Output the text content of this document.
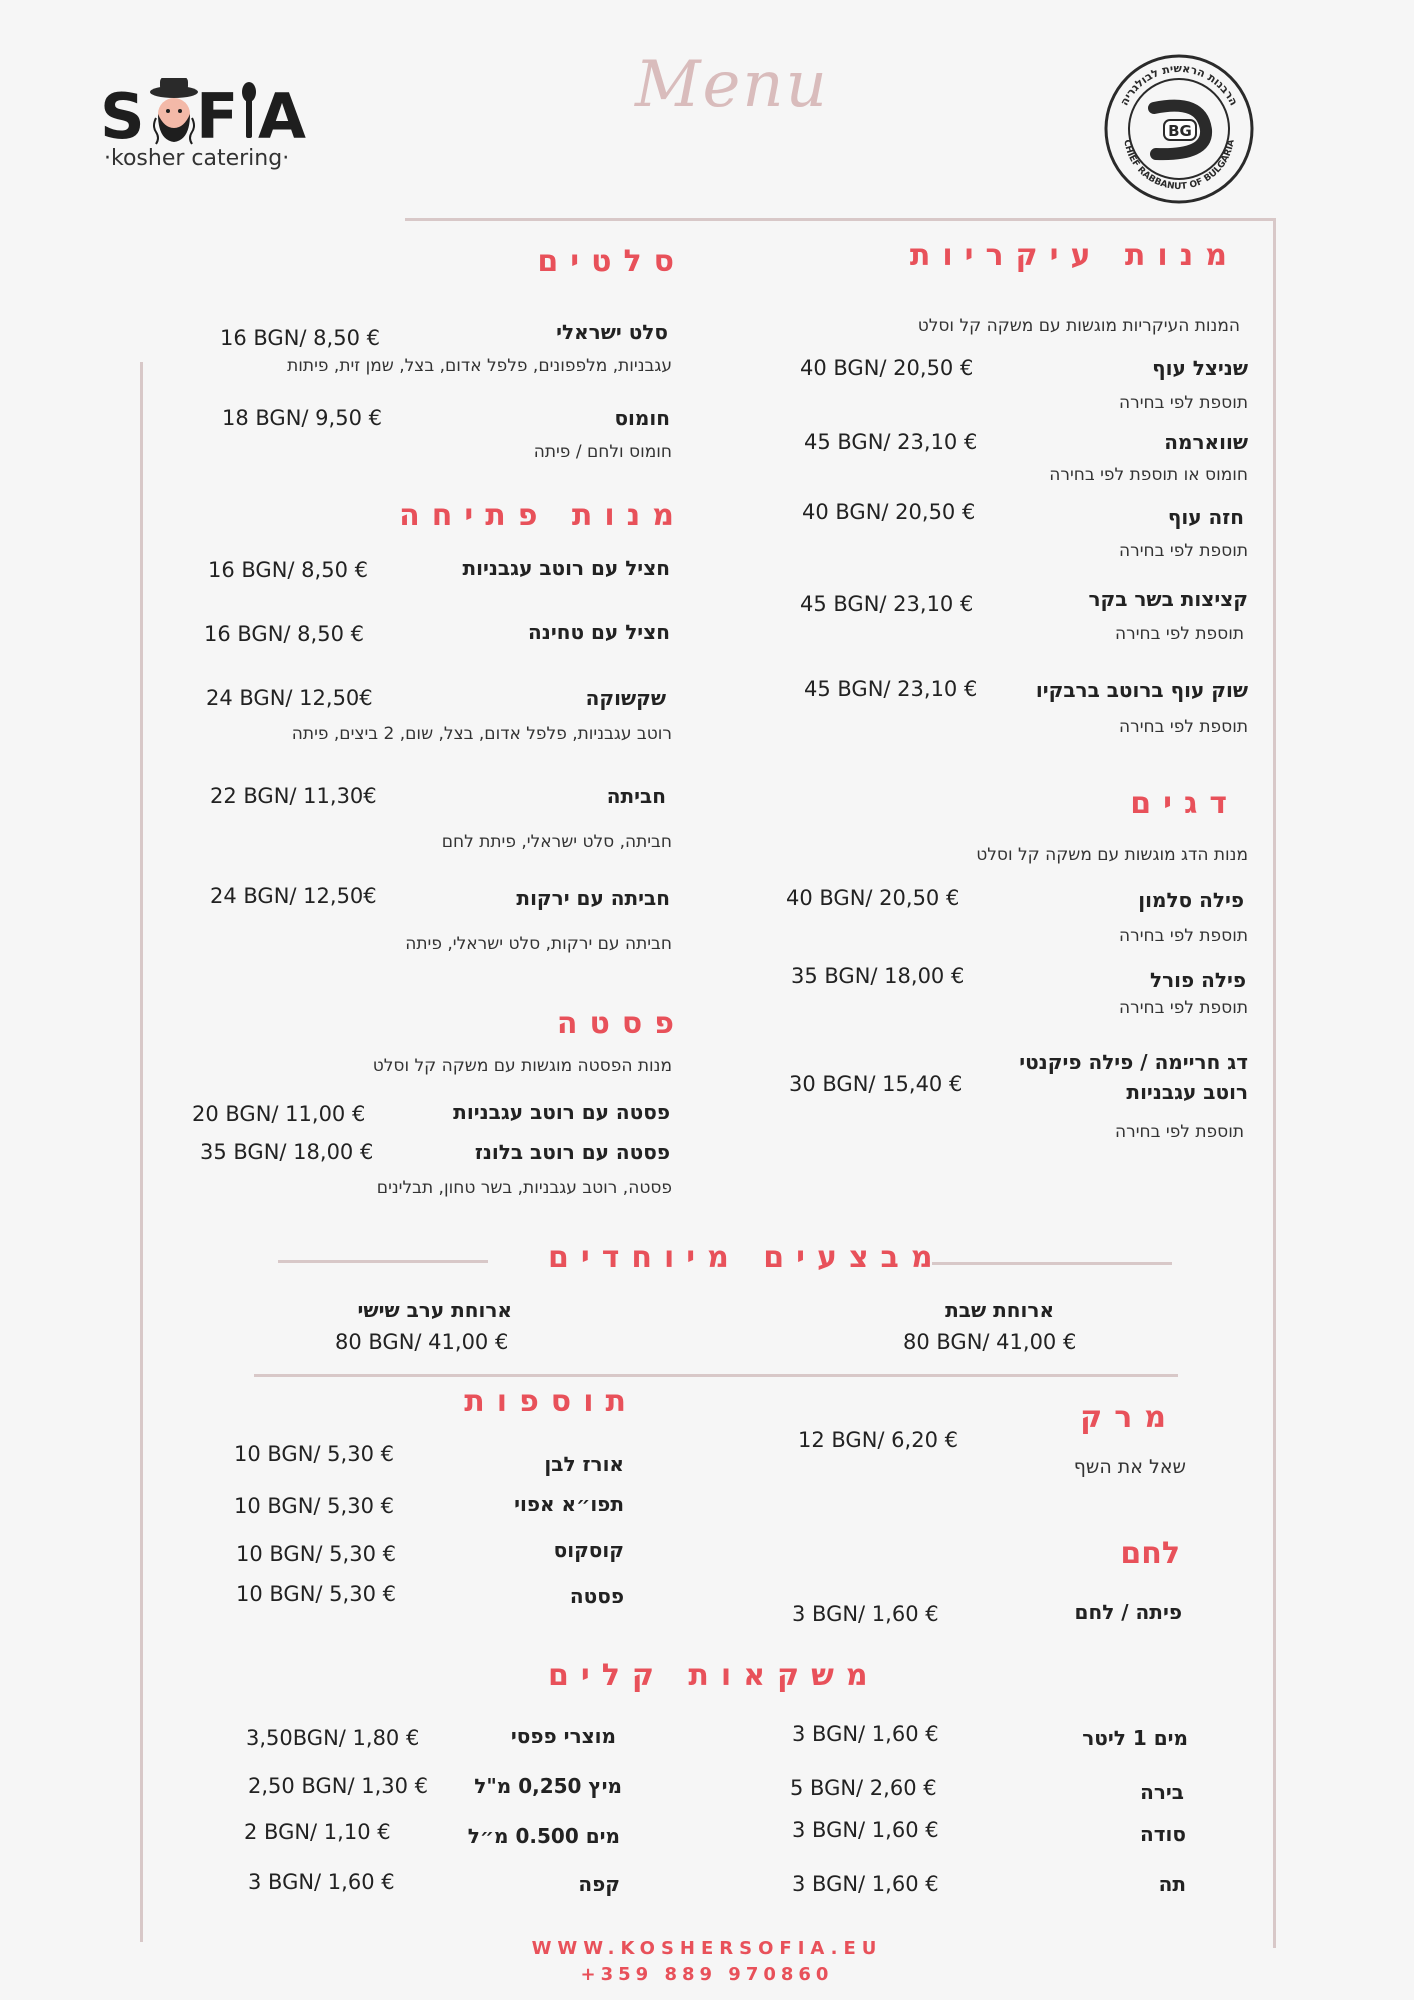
S F A
·kosher catering·
Menu	הרבנות הראשית לבולגריה
CHIEF RABBANUT OF BULGARIA
BG
מנות עיקריות
המנות העיקריות מוגשות עם משקה קל וסלט
שניצל עוף
תוספת לפי בחירה
40 BGN/ 20,50 €
שווארמה
חומוס או תוספת לפי בחירה
45 BGN/ 23,10 €
חזה עוף
תוספת לפי בחירה
40 BGN/ 20,50 €
קציצות בשר בקר
תוספת לפי בחירה
45 BGN/ 23,10 €
שוק עוף ברוטב ברבקיו
תוספת לפי בחירה
45 BGN/ 23,10 €
דגים
מנות הדג מוגשות עם משקה קל וסלט
פילה סלמון
תוספת לפי בחירה
40 BGN/ 20,50 €
פילה פורל
תוספת לפי בחירה
35 BGN/ 18,00 €
דג חריימה / פילה פיקנטי
רוטב עגבניות
תוספת לפי בחירה
30 BGN/ 15,40 €
סלטים
סלט ישראלי
עגבניות, מלפפונים, פלפל אדום, בצל, שמן זית, פיתות
16 BGN/ 8,50 €
חומוס
חומוס ולחם / פיתה
18 BGN/ 9,50 €
מנות פתיחה
חציל עם רוטב עגבניות
16 BGN/ 8,50 €
חציל עם טחינה
16 BGN/ 8,50 €
שקשוקה
רוטב עגבניות, פלפל אדום, בצל, שום, 2 ביצים, פיתה
24 BGN/ 12,50€
חביתה
חביתה, סלט ישראלי, פיתת לחם
22 BGN/ 11,30€
חביתה עם ירקות
חביתה עם ירקות, סלט ישראלי, פיתה
24 BGN/ 12,50€
פסטה
מנות הפסטה מוגשות עם משקה קל וסלט
פסטה עם רוטב עגבניות
20 BGN/ 11,00 €
פסטה עם רוטב בלונז
פסטה, רוטב עגבניות, בשר טחון, תבלינים
35 BGN/ 18,00 €
מבצעים מיוחדים
ארוחת שבת
80 BGN/ 41,00 €
ארוחת ערב שישי
80 BGN/ 41,00 €
מרק
שאל את השף
12 BGN/ 6,20 €
לחם
פיתה / לחם
3 BGN/ 1,60 €
תוספות
אורז לבן
10 BGN/ 5,30 €
תפו״א אפוי
10 BGN/ 5,30 €
קוסקוס
10 BGN/ 5,30 €
פסטה
10 BGN/ 5,30 €
משקאות קלים
מים 1 ליטר
3 BGN/ 1,60 €
בירה
5 BGN/ 2,60 €
סודה
3 BGN/ 1,60 €
תה
3 BGN/ 1,60 €
מוצרי פפסי
3,50BGN/ 1,80 €
מיץ 0,250 מ"ל
2,50 BGN/ 1,30 €
מים 0.500 מ״ל
2 BGN/ 1,10 €
קפה
3 BGN/ 1,60 €
WWW.KOSHERSOFIA.EU
+359 889 970860
